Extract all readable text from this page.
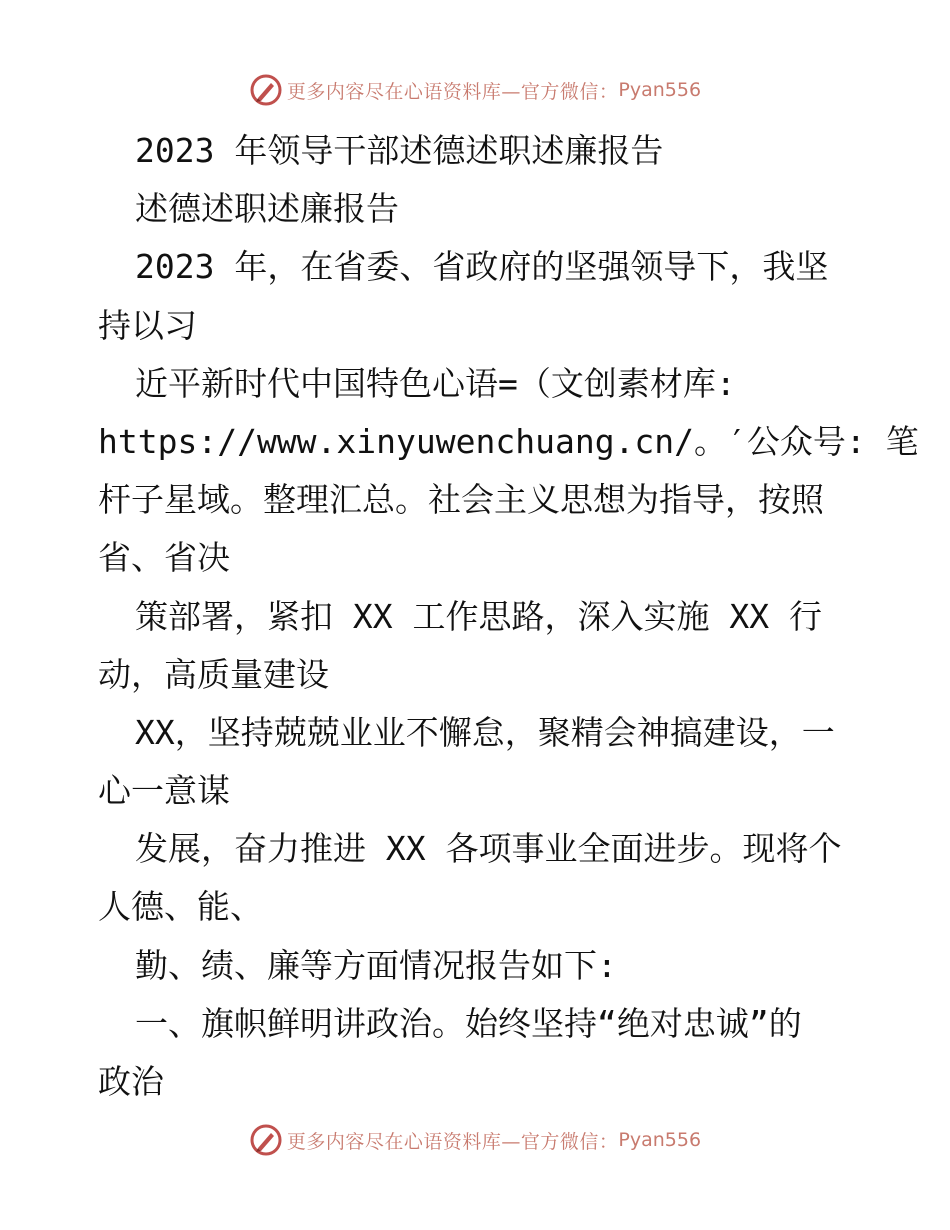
更多内容尽在心语资料库—官方微信： Pyan556
2023 年领导干部述德述职述廉报告
述德述职述廉报告
2023 年，在省委、省政府的坚强领导下，我坚
持以习
近平新时代中国特色心语=（文创素材库:
https://www.xinyuwenchuang.cn/。′公众号: 笔
杆子星域。整理汇总。社会主义思想为指导，按照
省、省决
策部署，紧扣 XX 工作思路，深入实施 XX 行
动，高质量建设
XX，坚持兢兢业业不懈怠，聚精会神搞建设，一
心一意谋
发展，奋力推进 XX 各项事业全面进步。现将个
人德、能、
勤、绩、廉等方面情况报告如下:
一、旗帜鲜明讲政治。始终坚持“绝对忠诚”的
政治
更多内容尽在心语资料库—官方微信： Pyan556
